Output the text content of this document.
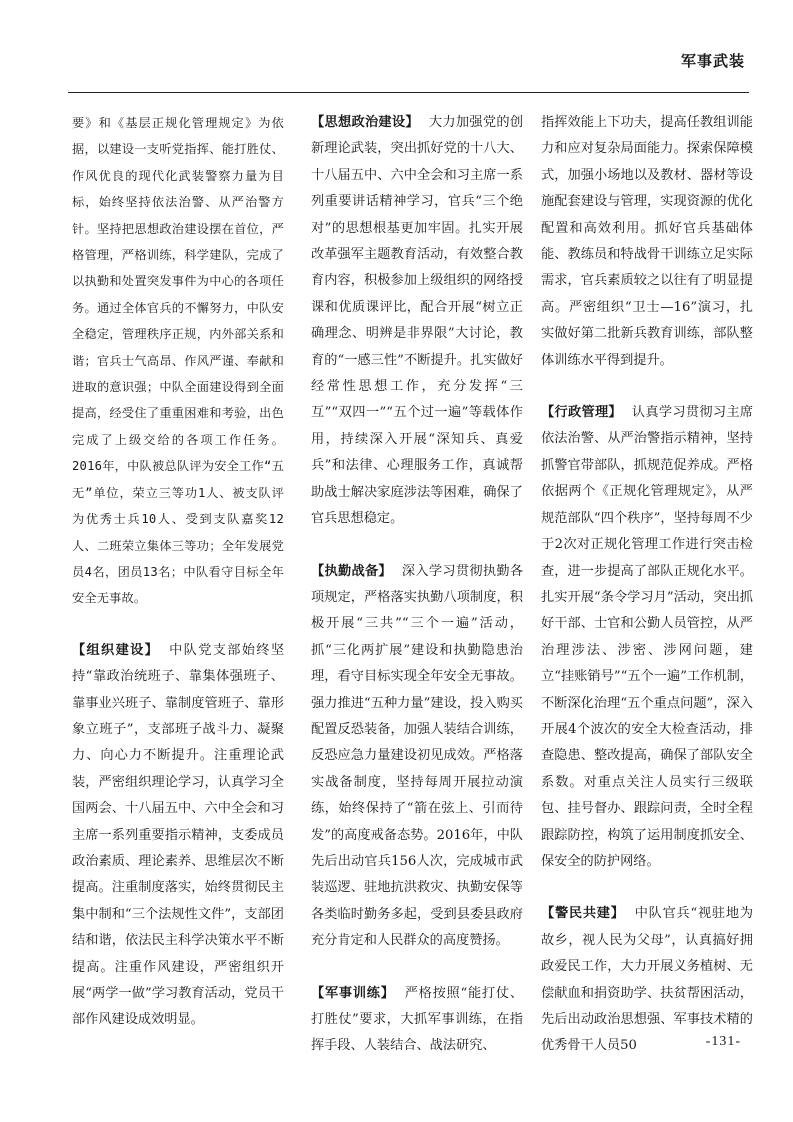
军事武装

要》和《基层正规化管理规定》为依据，以建设一支听党指挥、能打胜仗、作风优良的现代化武装警察力量为目标，始终坚持依法治警、从严治警方针。坚持把思想政治建设摆在首位，严格管理，严格训练，科学建队，完成了以执勤和处置突发事件为中心的各项任务。通过全体官兵的不懈努力，中队安全稳定，管理秩序正规，内外部关系和谐；官兵士气高昂、作风严谨、奉献和进取的意识强；中队全面建设得到全面提高，经受住了重重困难和考验，出色完成了上级交给的各项工作任务。2016年，中队被总队评为安全工作“五无”单位，荣立三等功1人、被支队评为优秀士兵10人、受到支队嘉奖12人、二班荣立集体三等功；全年发展党员4名，团员13名；中队看守目标全年安全无事故。

【组织建设】 中队党支部始终坚持“靠政治统班子、靠集体强班子、靠事业兴班子、靠制度管班子、靠形象立班子”，支部班子战斗力、凝聚力、向心力不断提升。注重理论武装，严密组织理论学习，认真学习全国两会、十八届五中、六中全会和习主席一系列重要指示精神，支委成员政治素质、理论素养、思维层次不断提高。注重制度落实，始终贯彻民主集中制和“三个法规性文件”，支部团结和谐，依法民主科学决策水平不断提高。注重作风建设，严密组织开展“两学一做”学习教育活动，党员干部作风建设成效明显。

【思想政治建设】 大力加强党的创新理论武装，突出抓好党的十八大、十八届五中、六中全会和习主席一系列重要讲话精神学习，官兵“三个绝对”的思想根基更加牢固。扎实开展改革强军主题教育活动，有效整合教育内容，积极参加上级组织的网络授课和优质课评比，配合开展“树立正确理念、明辨是非界限”大讨论，教育的“一感三性”不断提升。扎实做好经常性思想工作，充分发挥“三互”“双四一”“五个过一遍”等载体作用，持续深入开展“深知兵、真爱兵”和法律、心理服务工作，真诚帮助战士解决家庭涉法等困难，确保了官兵思想稳定。

【执勤战备】 深入学习贯彻执勤各项规定，严格落实执勤八项制度，积极开展“三共”“三个一遍”活动，抓“三化两扩展”建设和执勤隐患治理，看守目标实现全年安全无事故。强力推进“五种力量”建设，投入购买配置反恐装备，加强人装结合训练，反恐应急力量建设初见成效。严格落实战备制度，坚持每周开展拉动演练，始终保持了“箭在弦上、引而待发”的高度戒备态势。2016年，中队先后出动官兵156人次，完成城市武装巡逻、驻地抗洪救灾、执勤安保等各类临时勤务多起，受到县委县政府充分肯定和人民群众的高度赞扬。

【军事训练】 严格按照“能打仗、打胜仗”要求，大抓军事训练，在指挥手段、人装结合、战法研究、

指挥效能上下功夫，提高任教组训能力和应对复杂局面能力。探索保障模式，加强小场地以及教材、器材等设施配套建设与管理，实现资源的优化配置和高效利用。抓好官兵基础体能、教练员和特战骨干训练立足实际需求，官兵素质较之以往有了明显提高。严密组织“卫士—16”演习，扎实做好第二批新兵教育训练，部队整体训练水平得到提升。

【行政管理】 认真学习贯彻习主席依法治警、从严治警指示精神，坚持抓警官带部队，抓规范促养成。严格依据两个《正规化管理规定》，从严规范部队“四个秩序”，坚持每周不少于2次对正规化管理工作进行突击检查，进一步提高了部队正规化水平。扎实开展“条令学习月”活动，突出抓好干部、士官和公勤人员管控，从严治理涉法、涉密、涉网问题，建立“挂账销号”“五个一遍”工作机制，不断深化治理“五个重点问题”，深入开展4个波次的安全大检查活动，排查隐患、整改提高，确保了部队安全系数。对重点关注人员实行三级联包、挂号督办、跟踪问责，全时全程跟踪防控，构筑了运用制度抓安全、保安全的防护网络。

【警民共建】 中队官兵“视驻地为故乡，视人民为父母”，认真搞好拥政爱民工作，大力开展义务植树、无偿献血和捐资助学、扶贫帮困活动，先后出动政治思想强、军事技术精的优秀骨干人员50	-131-
